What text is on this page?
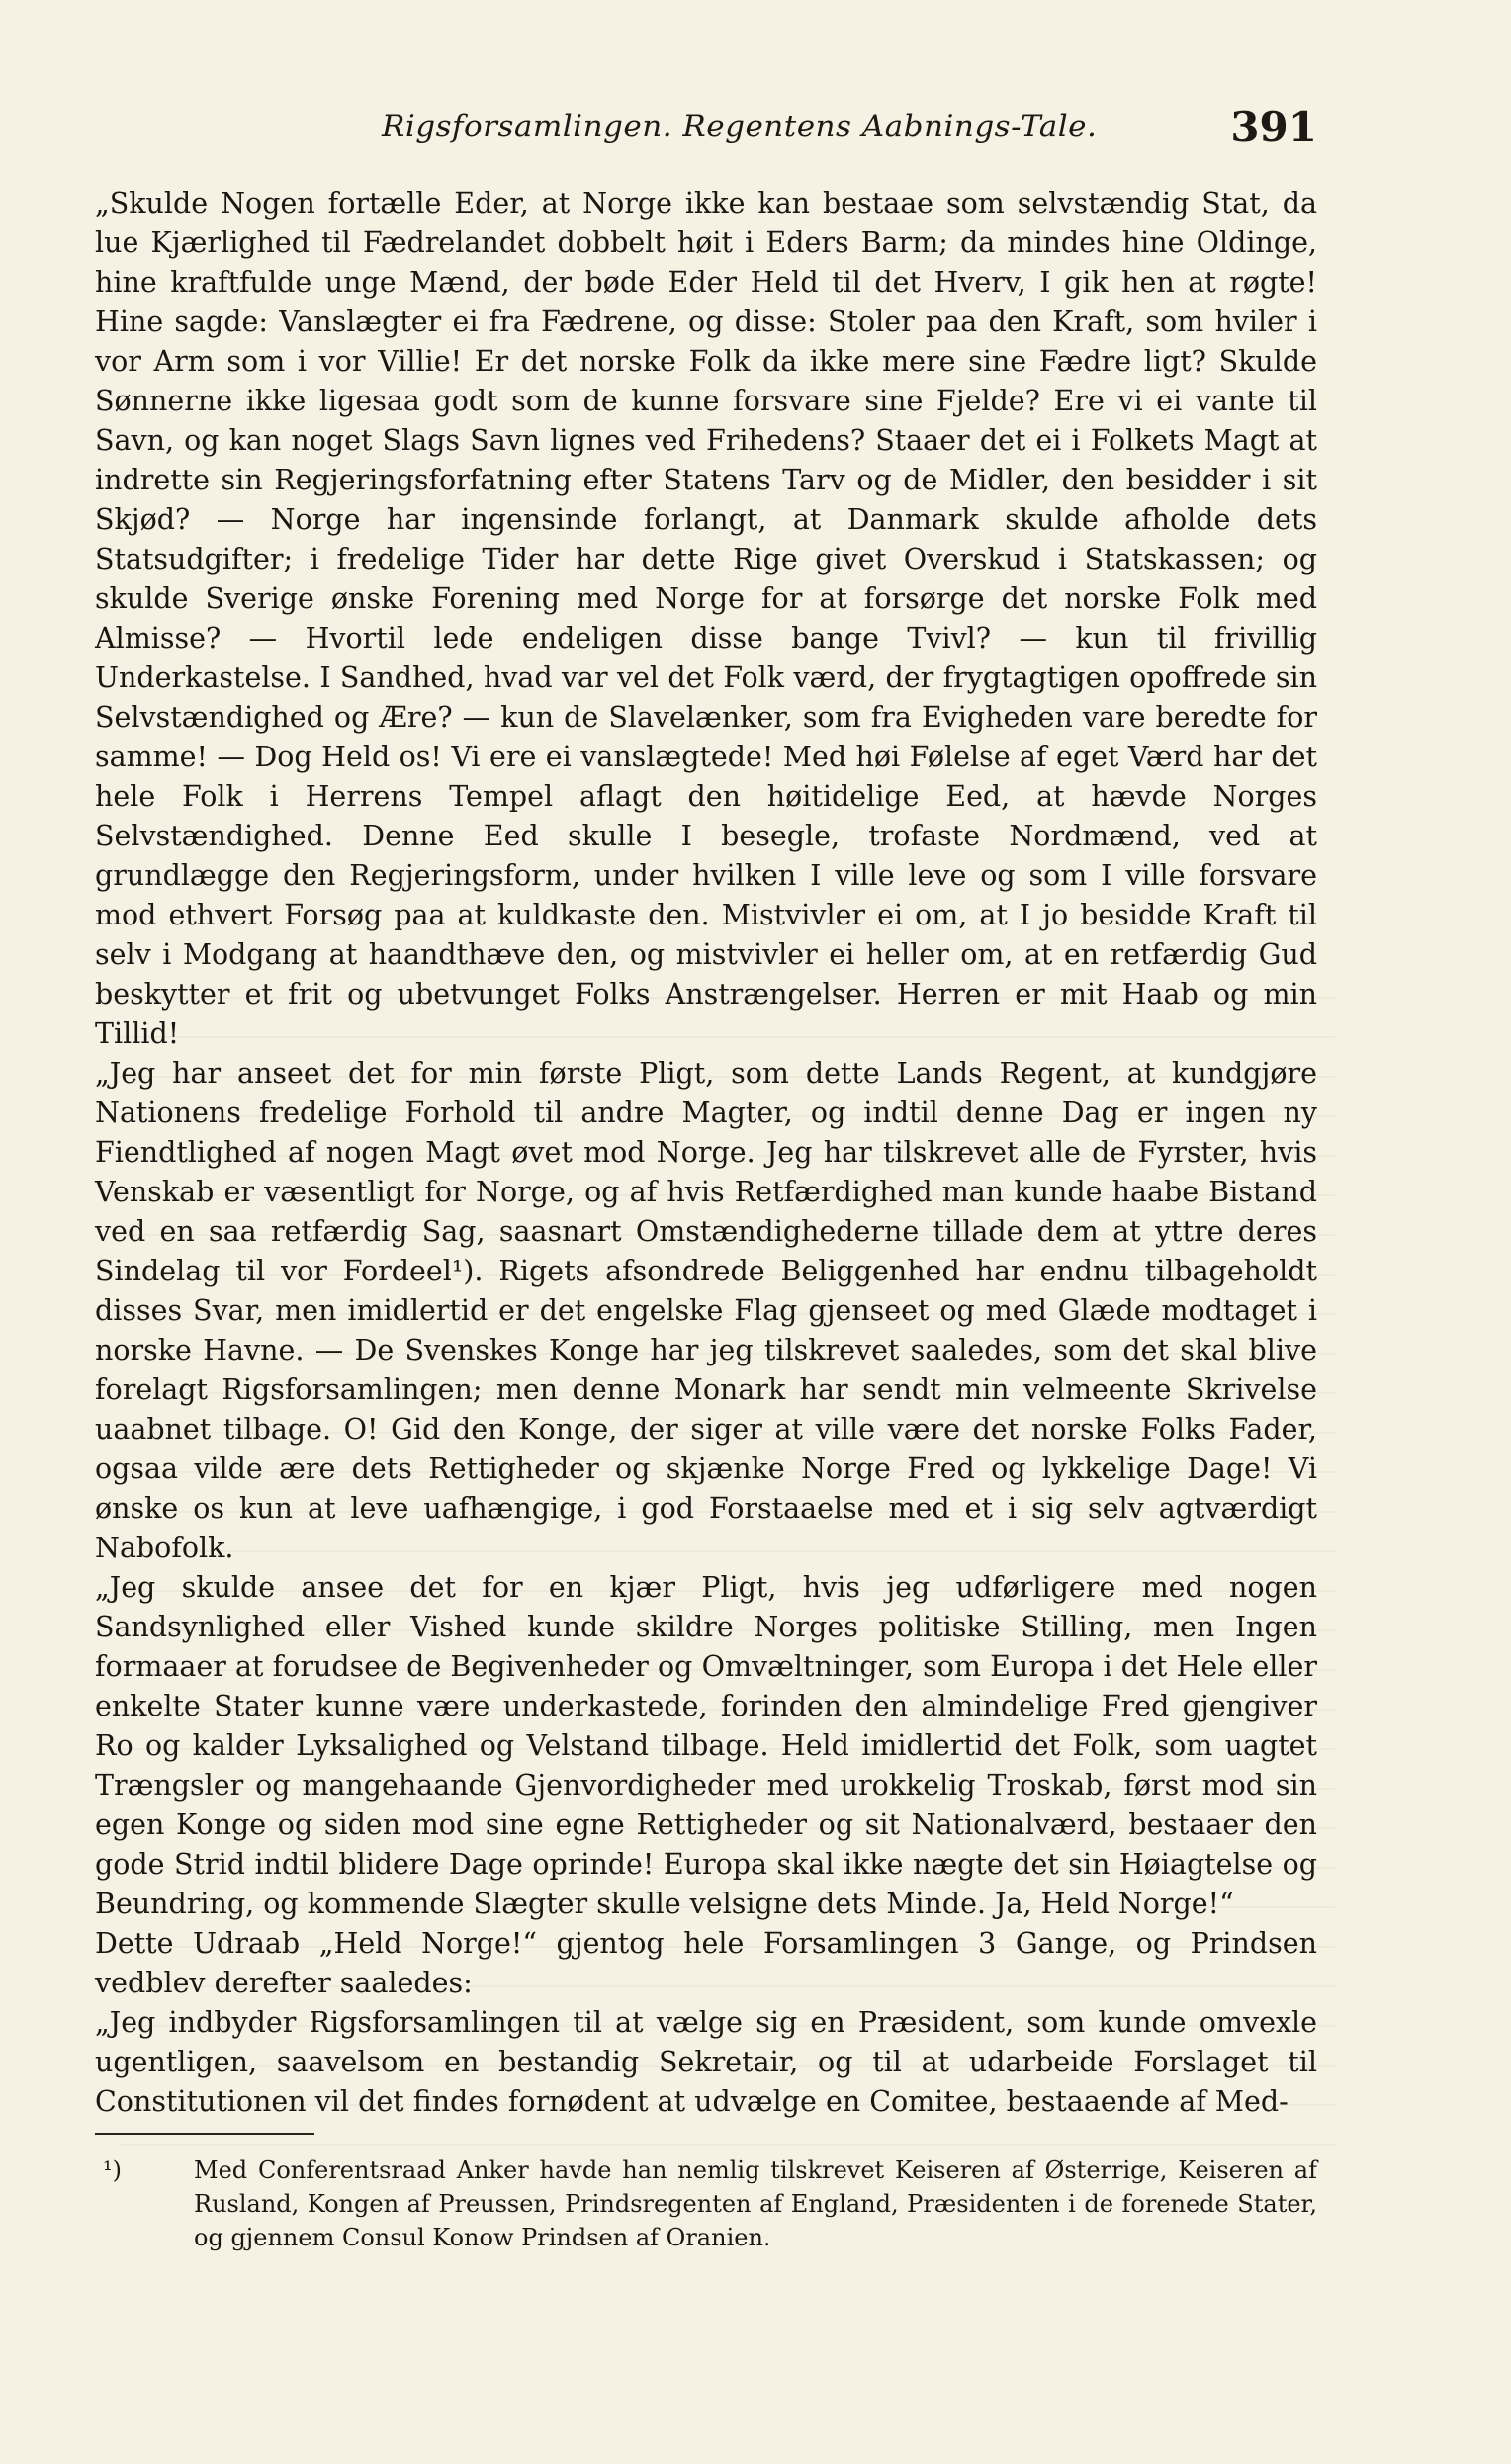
Rigsforsamlingen. Regentens Aabnings-Tale.	391

„Skulde Nogen fortælle Eder, at Norge ikke kan bestaae som selvstændig Stat, da lue Kjærlighed til Fædrelandet dobbelt høit i Eders Barm; da mindes hine Oldinge, hine kraftfulde unge Mænd, der bøde Eder Held til det Hverv, I gik hen at røgte! Hine sagde: Vanslægter ei fra Fædrene, og disse: Stoler paa den Kraft, som hviler i vor Arm som i vor Villie! Er det norske Folk da ikke mere sine Fædre ligt? Skulde Sønnerne ikke ligesaa godt som de kunne forsvare sine Fjelde? Ere vi ei vante til Savn, og kan noget Slags Savn lignes ved Frihedens? Staaer det ei i Folkets Magt at indrette sin Regjeringsforfatning efter Statens Tarv og de Midler, den besidder i sit Skjød? — Norge har ingensinde forlangt, at Danmark skulde afholde dets Statsudgifter; i fredelige Tider har dette Rige givet Overskud i Statskassen; og skulde Sverige ønske Forening med Norge for at forsørge det norske Folk med Almisse? — Hvortil lede endeligen disse bange Tvivl? — kun til frivillig Underkastelse. I Sandhed, hvad var vel det Folk værd, der frygtagtigen opoffrede sin Selvstændighed og Ære? — kun de Slavelænker, som fra Evigheden vare beredte for samme! — Dog Held os! Vi ere ei vanslægtede! Med høi Følelse af eget Værd har det hele Folk i Herrens Tempel aflagt den høitidelige Eed, at hævde Norges Selvstændighed. Denne Eed skulle I besegle, trofaste Nordmænd, ved at grundlægge den Regjeringsform, under hvilken I ville leve og som I ville forsvare mod ethvert Forsøg paa at kuldkaste den. Mistvivler ei om, at I jo besidde Kraft til selv i Modgang at haandthæve den, og mistvivler ei heller om, at en retfærdig Gud beskytter et frit og ubetvunget Folks Anstrængelser. Herren er mit Haab og min Tillid!

„Jeg har anseet det for min første Pligt, som dette Lands Regent, at kundgjøre Nationens fredelige Forhold til andre Magter, og indtil denne Dag er ingen ny Fiendtlighed af nogen Magt øvet mod Norge. Jeg har tilskrevet alle de Fyrster, hvis Venskab er væsentligt for Norge, og af hvis Retfærdighed man kunde haabe Bistand ved en saa retfærdig Sag, saasnart Omstændighederne tillade dem at yttre deres Sindelag til vor Fordeel¹). Rigets afsondrede Beliggenhed har endnu tilbageholdt disses Svar, men imidlertid er det engelske Flag gjenseet og med Glæde modtaget i norske Havne. — De Svenskes Konge har jeg tilskrevet saaledes, som det skal blive forelagt Rigsforsamlingen; men denne Monark har sendt min velmeente Skrivelse uaabnet tilbage. O! Gid den Konge, der siger at ville være det norske Folks Fader, ogsaa vilde ære dets Rettigheder og skjænke Norge Fred og lykkelige Dage! Vi ønske os kun at leve uafhængige, i god Forstaaelse med et i sig selv agtværdigt Nabofolk.

„Jeg skulde ansee det for en kjær Pligt, hvis jeg udførligere med nogen Sandsynlighed eller Vished kunde skildre Norges politiske Stilling, men Ingen formaaer at forudsee de Begivenheder og Omvæltninger, som Europa i det Hele eller enkelte Stater kunne være underkastede, forinden den almindelige Fred gjengiver Ro og kalder Lyksalighed og Velstand tilbage. Held imidlertid det Folk, som uagtet Trængsler og mangehaande Gjenvordigheder med urokkelig Troskab, først mod sin egen Konge og siden mod sine egne Rettigheder og sit Nationalværd, bestaaer den gode Strid indtil blidere Dage oprinde! Europa skal ikke nægte det sin Høiagtelse og Beundring, og kommende Slægter skulle velsigne dets Minde. Ja, Held Norge!“

Dette Udraab „Held Norge!“ gjentog hele Forsamlingen 3 Gange, og Prindsen vedblev derefter saaledes:

„Jeg indbyder Rigsforsamlingen til at vælge sig en Præsident, som kunde omvexle ugentligen, saavelsom en bestandig Sekretair, og til at udarbeide Forslaget til Constitutionen vil det findes fornødent at udvælge en Comitee, bestaaende af Med-

¹)	Med Conferentsraad Anker havde han nemlig tilskrevet Keiseren af Østerrige, Keiseren af Rusland, Kongen af Preussen, Prindsregenten af England, Præsidenten i de forenede Stater, og gjennem Consul Konow Prindsen af Oranien.
